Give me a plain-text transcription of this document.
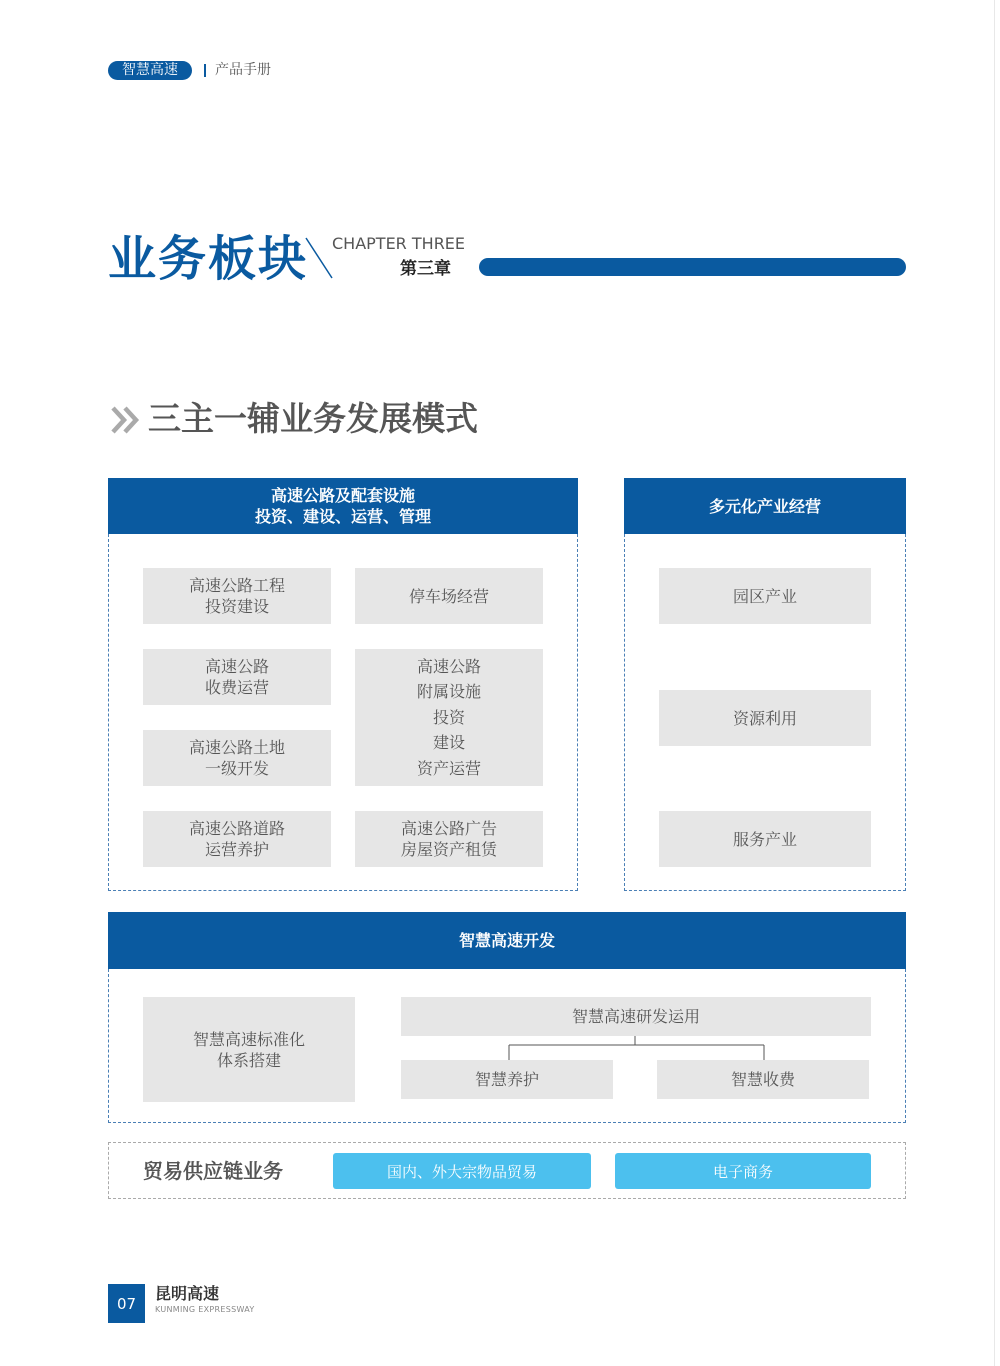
智慧高速	产品手册
业务板块 CHAPTER THREE
第三章
三主一辅业务发展模式
高速公路及配套设施
投资、建设、运营、管理
高速公路工程
投资建设
停车场经营
高速公路
收费运营
高速公路
附属设施
投资
建设
资产运营
高速公路土地
一级开发
高速公路道路
运营养护
高速公路广告
房屋资产租赁
多元化产业经营
园区产业
资源利用
服务产业
智慧高速开发
智慧高速标准化
体系搭建
智慧高速研发运用
智慧养护	智慧收费
贸易供应链业务	国内、外大宗物品贸易	电子商务
07
昆明高速
KUNMING EXPRESSWAY
